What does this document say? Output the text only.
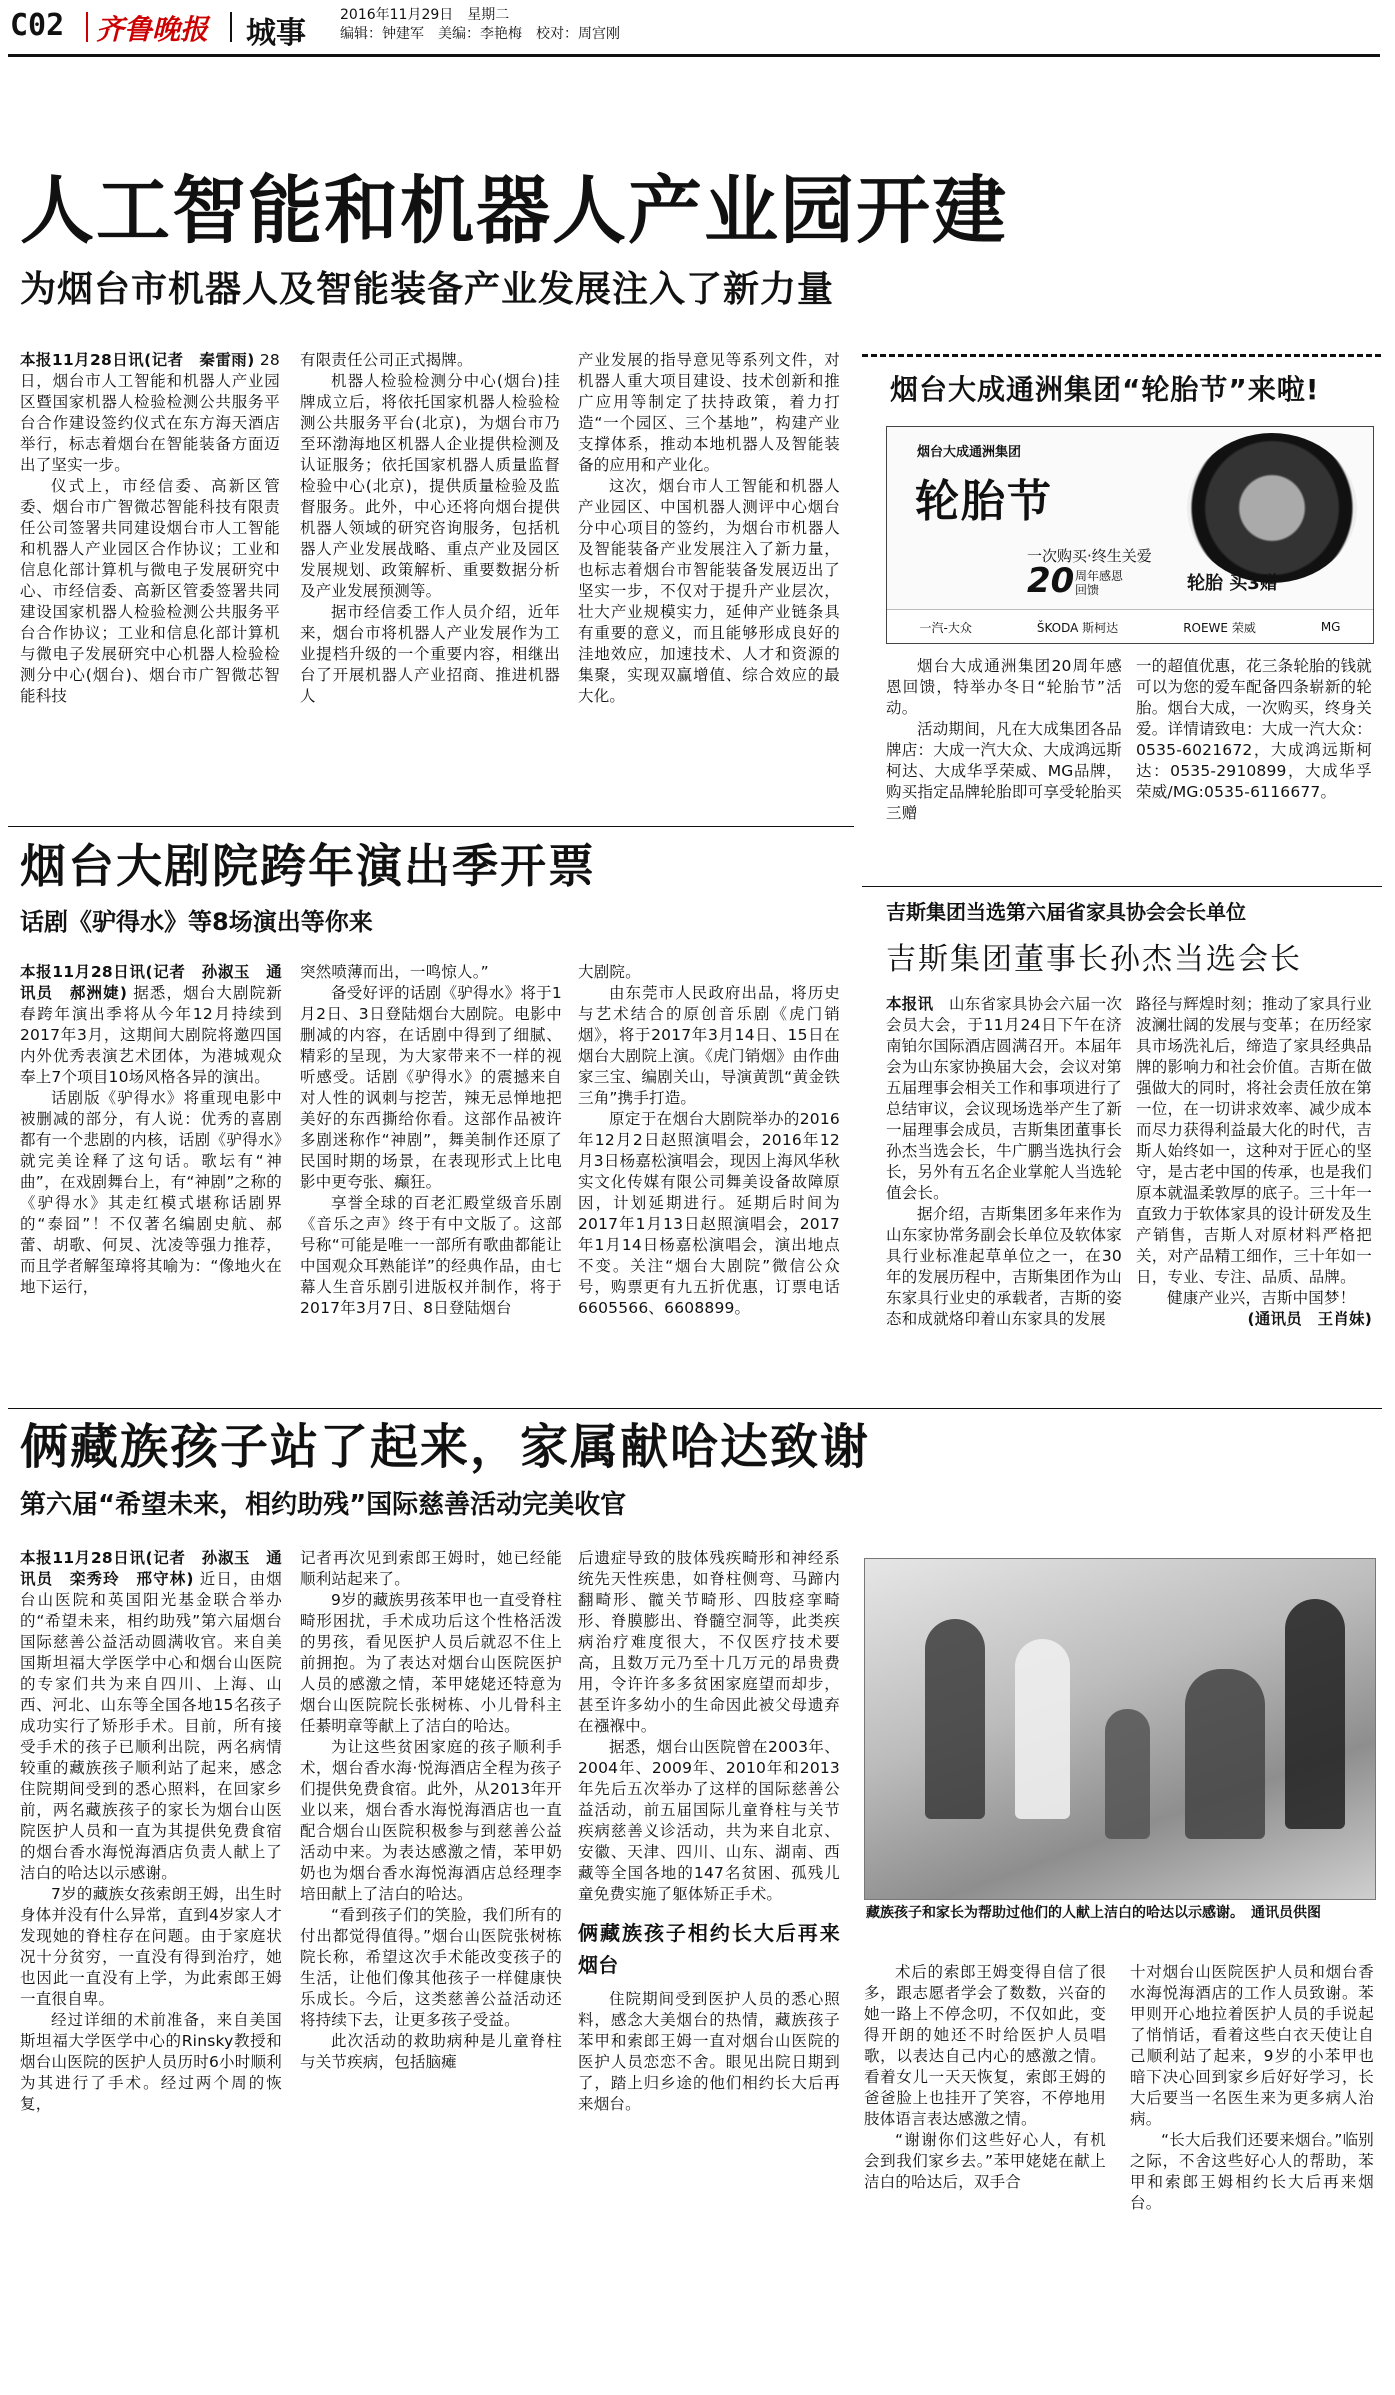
C02 齐鲁晚报 城事
2016年11月29日　 星期二
编辑：钟建军　 美编：李艳梅　 校对：周宫刚
人工智能和机器人产业园开建
为烟台市机器人及智能装备产业发展注入了新力量

本报11月28日讯(记者　秦雷雨) 28日，烟台市人工智能和机器人产业园区暨国家机器人检验检测公共服务平台合作建设签约仪式在东方海天酒店举行，标志着烟台在智能装备方面迈出了坚实一步。

仪式上，市经信委、高新区管委、烟台市广智微芯智能科技有限责任公司签署共同建设烟台市人工智能和机器人产业园区合作协议；工业和信息化部计算机与微电子发展研究中心、市经信委、高新区管委签署共同建设国家机器人检验检测公共服务平台合作协议；工业和信息化部计算机与微电子发展研究中心机器人检验检测分中心(烟台)、烟台市广智微芯智能科技

有限责任公司正式揭牌。

机器人检验检测分中心(烟台)挂牌成立后，将依托国家机器人检验检测公共服务平台(北京)，为烟台市乃至环渤海地区机器人企业提供检测及认证服务；依托国家机器人质量监督检验中心(北京)，提供质量检验及监督服务。此外，中心还将向烟台提供机器人领域的研究咨询服务，包括机器人产业发展战略、重点产业及园区发展规划、政策解析、重要数据分析及产业发展预测等。

据市经信委工作人员介绍，近年来，烟台市将机器人产业发展作为工业提档升级的一个重要内容，相继出台了开展机器人产业招商、推进机器人

产业发展的指导意见等系列文件，对机器人重大项目建设、技术创新和推广应用等制定了扶持政策，着力打造“一个园区、三个基地”，构建产业支撑体系，推动本地机器人及智能装备的应用和产业化。

这次，烟台市人工智能和机器人产业园区、中国机器人测评中心烟台分中心项目的签约，为烟台市机器人及智能装备产业发展注入了新力量，也标志着烟台市智能装备发展迈出了坚实一步，不仅对于提升产业层次，壮大产业规模实力，延伸产业链条具有重要的意义，而且能够形成良好的洼地效应，加速技术、人才和资源的集聚，实现双赢增值、综合效应的最大化。

烟台大成通洲集团“轮胎节”来啦!
烟台大成通洲集团
轮胎节
一次购买·终生关爱
20 周年感恩回馈	轮胎 买3赠
一汽-大众	ŠKODA 斯柯达	ROEWE 荣威	MG

烟台大成通洲集团20周年感恩回馈，特举办冬日“轮胎节”活动。

活动期间，凡在大成集团各品牌店：大成一汽大众、大成鸿远斯柯达、大成华孚荣威、MG品牌，购买指定品牌轮胎即可享受轮胎买三赠

一的超值优惠，花三条轮胎的钱就可以为您的爱车配备四条崭新的轮胎。烟台大成，一次购买，终身关爱。详情请致电：大成一汽大众：0535-6021672，大成鸿远斯柯达：0535-2910899，大成华孚荣威/MG:0535-6116677。

烟台大剧院跨年演出季开票
话剧《驴得水》等8场演出等你来

本报11月28日讯(记者　孙淑玉　通讯员　郝洲婕) 据悉，烟台大剧院新春跨年演出季将从今年12月持续到2017年3月，这期间大剧院将邀四国内外优秀表演艺术团体，为港城观众奉上7个项目10场风格各异的演出。

话剧版《驴得水》将重现电影中被删减的部分，有人说：优秀的喜剧都有一个悲剧的内核，话剧《驴得水》就完美诠释了这句话。歌坛有“神曲”，在戏剧舞台上，有“神剧”之称的《驴得水》其走红模式堪称话剧界的“泰囧”！不仅著名编剧史航、郝蕾、胡歌、何炅、沈凌等强力推荐，而且学者解玺璋将其喻为：“像地火在地下运行，

突然喷薄而出，一鸣惊人。”

备受好评的话剧《驴得水》将于1月2日、3日登陆烟台大剧院。电影中删减的内容，在话剧中得到了细腻、精彩的呈现，为大家带来不一样的视听感受。话剧《驴得水》的震撼来自对人性的讽刺与挖苦，辣无忌惮地把美好的东西撕给你看。这部作品被许多剧迷称作“神剧”，舞美制作还原了民国时期的场景，在表现形式上比电影中更夸张、癫狂。

享誉全球的百老汇殿堂级音乐剧《音乐之声》终于有中文版了。这部号称“可能是唯一一部所有歌曲都能让中国观众耳熟能详”的经典作品，由七幕人生音乐剧引进版权并制作，将于2017年3月7日、8日登陆烟台

大剧院。

由东莞市人民政府出品，将历史与艺术结合的原创音乐剧《虎门销烟》，将于2017年3月14日、15日在烟台大剧院上演。《虎门销烟》由作曲家三宝、编剧关山，导演黄凯“黄金铁三角”携手打造。

原定于在烟台大剧院举办的2016年12月2日赵照演唱会，2016年12月3日杨嘉松演唱会，现因上海风华秋实文化传媒有限公司舞美设备故障原因，计划延期进行。延期后时间为2017年1月13日赵照演唱会，2017年1月14日杨嘉松演唱会，演出地点不变。关注“烟台大剧院”微信公众号，购票更有九五折优惠，订票电话6605566、6608899。

吉斯集团当选第六届省家具协会会长单位
吉斯集团董事长孙杰当选会长

本报讯　 山东省家具协会六届一次会员大会，于11月24日下午在济南铂尔国际酒店圆满召开。本届年会为山东家协换届大会，会议对第五届理事会相关工作和事项进行了总结审议，会议现场选举产生了新一届理事会成员，吉斯集团董事长孙杰当选会长，牛广鹏当选执行会长，另外有五名企业掌舵人当选轮值会长。

据介绍，吉斯集团多年来作为山东家协常务副会长单位及软体家具行业标准起草单位之一，在30年的发展历程中，吉斯集团作为山东家具行业史的承载者，吉斯的姿态和成就烙印着山东家具的发展

路径与辉煌时刻；推动了家具行业波澜壮阔的发展与变革；在历经家具市场洗礼后，缔造了家具经典品牌的影响力和社会价值。吉斯在做强做大的同时，将社会责任放在第一位，在一切讲求效率、减少成本而尽力获得利益最大化的时代，吉斯人始终如一，这种对于匠心的坚守，是古老中国的传承，也是我们原本就温柔敦厚的底子。三十年一直致力于软体家具的设计研发及生产销售，吉斯人对原材料严格把关，对产品精工细作，三十年如一日，专业、专注、品质、品牌。

健康产业兴，吉斯中国梦！

(通讯员　王肖妹)

俩藏族孩子站了起来，家属献哈达致谢
第六届“希望未来，相约助残”国际慈善活动完美收官

本报11月28日讯(记者　孙淑玉　通讯员　栾秀玲　邢守林) 近日，由烟台山医院和英国阳光基金联合举办的“希望未来，相约助残”第六届烟台国际慈善公益活动圆满收官。来自美国斯坦福大学医学中心和烟台山医院的专家们共为来自四川、上海、山西、河北、山东等全国各地15名孩子成功实行了矫形手术。目前，所有接受手术的孩子已顺利出院，两名病情较重的藏族孩子顺利站了起来，感念住院期间受到的悉心照料，在回家乡前，两名藏族孩子的家长为烟台山医院医护人员和一直为其提供免费食宿的烟台香水海悦海酒店负责人献上了洁白的哈达以示感谢。

7岁的藏族女孩索朗王姆，出生时身体并没有什么异常，直到4岁家人才发现她的脊柱存在问题。由于家庭状况十分贫穷，一直没有得到治疗，她也因此一直没有上学，为此索郎王姆一直很自卑。

经过详细的术前准备，来自美国斯坦福大学医学中心的Rinsky教授和烟台山医院的医护人员历时6小时顺利为其进行了手术。经过两个周的恢复，

记者再次见到索郎王姆时，她已经能顺利站起来了。

9岁的藏族男孩苯甲也一直受脊柱畸形困扰，手术成功后这个性格活泼的男孩，看见医护人员后就忍不住上前拥抱。为了表达对烟台山医院医护人员的感激之情，苯甲姥姥还特意为烟台山医院院长张树栋、小儿骨科主任綦明章等献上了洁白的哈达。

为让这些贫困家庭的孩子顺利手术，烟台香水海·悦海酒店全程为孩子们提供免费食宿。此外，从2013年开业以来，烟台香水海悦海酒店也一直配合烟台山医院积极参与到慈善公益活动中来。为表达感激之情，苯甲奶奶也为烟台香水海悦海酒店总经理李培田献上了洁白的哈达。

“看到孩子们的笑脸，我们所有的付出都觉得值得。”烟台山医院张树栋院长称，希望这次手术能改变孩子的生活，让他们像其他孩子一样健康快乐成长。今后，这类慈善公益活动还将持续下去，让更多孩子受益。

此次活动的救助病种是儿童脊柱与关节疾病，包括脑瘫

后遗症导致的肢体残疾畸形和神经系统先天性疾患，如脊柱侧弯、马蹄内翻畸形、髋关节畸形、四肢痉挛畸形、脊膜膨出、脊髓空洞等，此类疾病治疗难度很大，不仅医疗技术要高，且数万元乃至十几万元的昂贵费用，令许许多多贫困家庭望而却步，甚至许多幼小的生命因此被父母遗弃在襁褓中。

据悉，烟台山医院曾在2003年、2004年、2009年、2010年和2013年先后五次举办了这样的国际慈善公益活动，前五届国际儿童脊柱与关节疾病慈善义诊活动，共为来自北京、安徽、天津、四川、山东、湖南、西藏等全国各地的147名贫困、孤残儿童免费实施了躯体矫正手术。

俩藏族孩子相约长大后再来烟台

住院期间受到医护人员的悉心照料，感念大美烟台的热情，藏族孩子苯甲和索郎王姆一直对烟台山医院的医护人员恋恋不舍。眼见出院日期到了，踏上归乡途的他们相约长大后再来烟台。

藏族孩子和家长为帮助过他们的人献上洁白的哈达以示感谢。　通讯员供图

术后的索郎王姆变得自信了很多，跟志愿者学会了数数，兴奋的她一路上不停念叨，不仅如此，变得开朗的她还不时给医护人员唱歌，以表达自己内心的感激之情。看着女儿一天天恢复，索郎王姆的爸爸脸上也挂开了笑容，不停地用肢体语言表达感激之情。

“谢谢你们这些好心人，有机会到我们家乡去。”苯甲姥姥在献上洁白的哈达后，双手合

十对烟台山医院医护人员和烟台香水海悦海酒店的工作人员致谢。苯甲则开心地拉着医护人员的手说起了悄悄话，看着这些白衣天使让自己顺利站了起来，9岁的小苯甲也暗下决心回到家乡后好好学习，长大后要当一名医生来为更多病人治病。

“长大后我们还要来烟台。”临别之际，不舍这些好心人的帮助，苯甲和索郎王姆相约长大后再来烟台。
